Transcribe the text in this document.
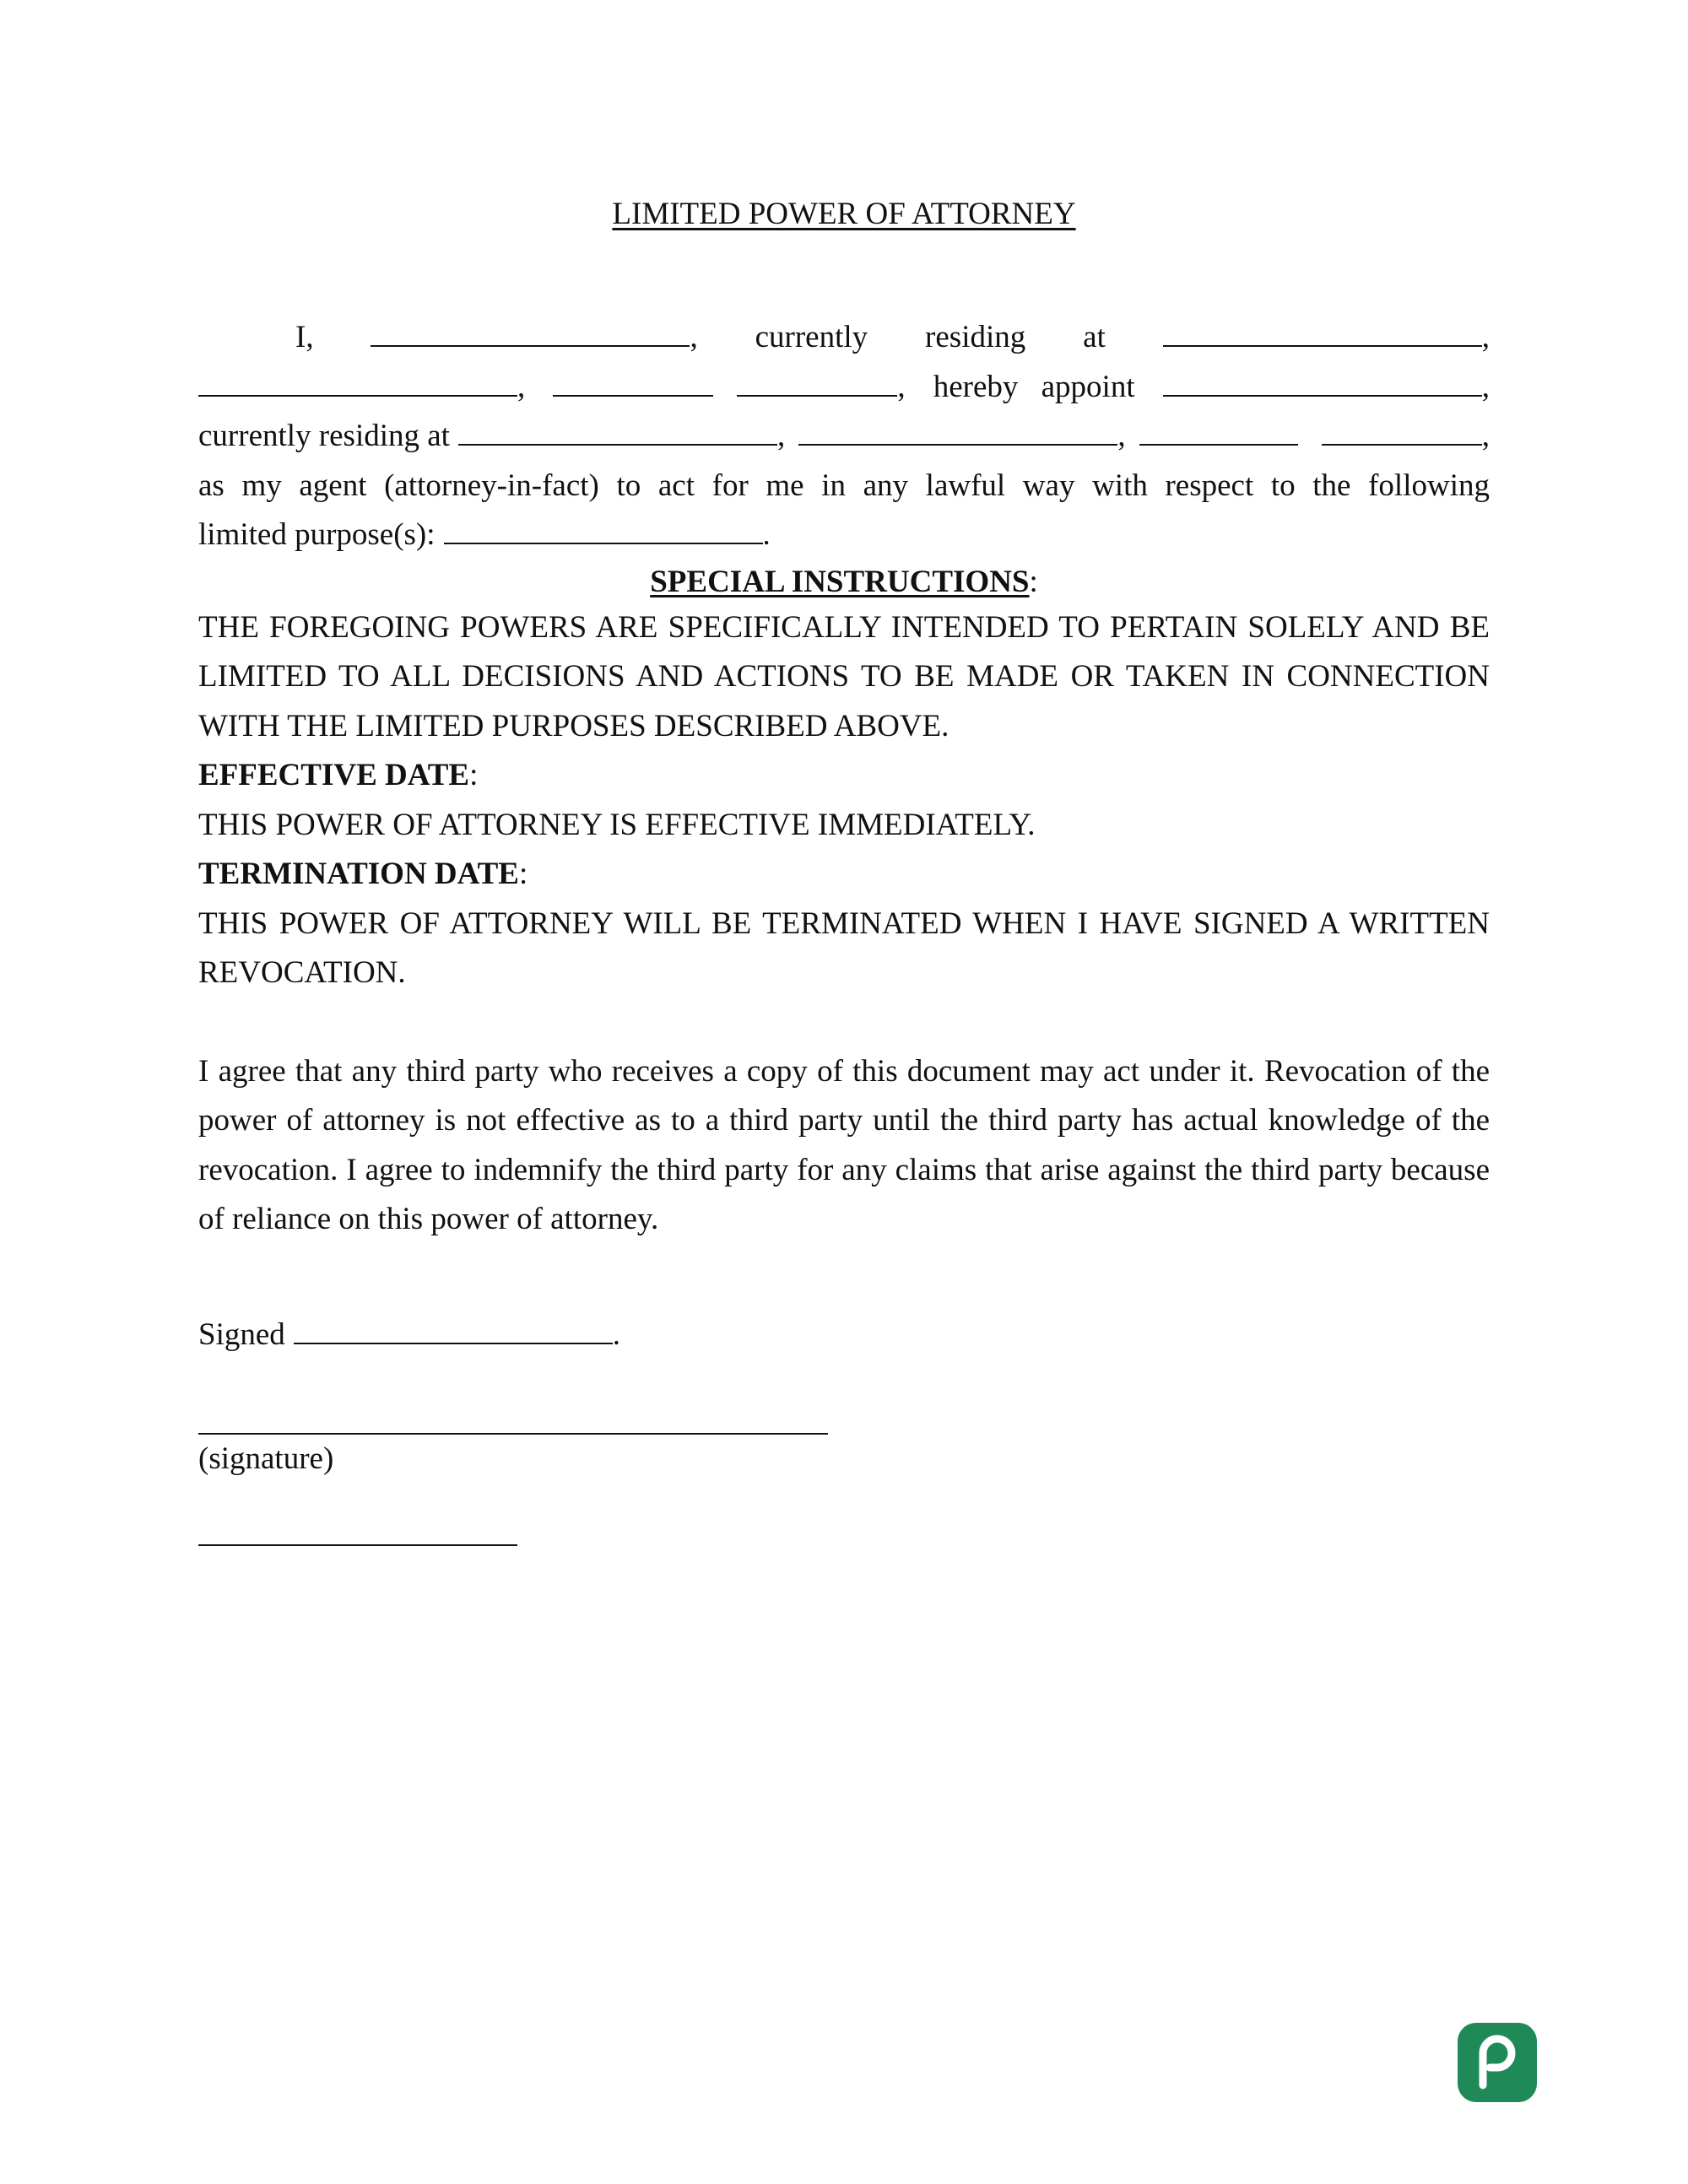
LIMITED POWER OF ATTORNEY
I,	, currently residing at	,
,	, hereby appoint	,
currently residing at	,	,	,
as my agent (attorney-in-fact) to act for me in any lawful way with respect to the following
limited purpose(s):	.
SPECIAL INSTRUCTIONS:

THE FOREGOING POWERS ARE SPECIFICALLY INTENDED TO PERTAIN SOLELY AND BE LIMITED TO ALL DECISIONS AND ACTIONS TO BE MADE OR TAKEN IN CONNECTION WITH THE LIMITED PURPOSES DESCRIBED ABOVE.

EFFECTIVE DATE:

THIS POWER OF ATTORNEY IS EFFECTIVE IMMEDIATELY.

TERMINATION DATE:

THIS POWER OF ATTORNEY WILL BE TERMINATED WHEN I HAVE SIGNED A WRITTEN REVOCATION.

I agree that any third party who receives a copy of this document may act under it. Revocation of the power of attorney is not effective as to a third party until the third party has actual knowledge of the revocation. I agree to indemnify the third party for any claims that arise against the third party because of reliance on this power of attorney.

Signed	.
(signature)
